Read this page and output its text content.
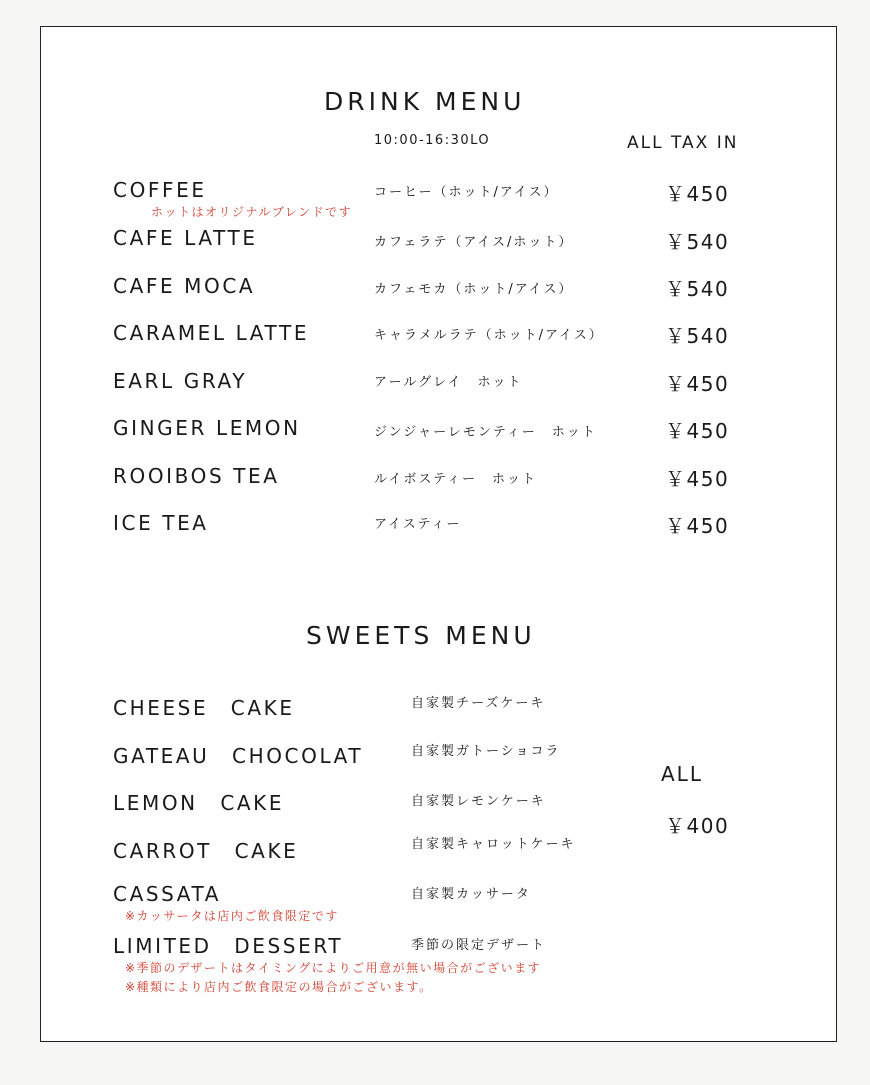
DRINK MENU
10:00-16:30LO	ALL TAX IN
COFFEE	コーヒー（ホット/アイス）	￥450
ホットはオリジナルブレンドです
CAFE LATTE	カフェラテ（アイス/ホット）	￥540
CAFE MOCA	カフェモカ（ホット/アイス）	￥540
CARAMEL LATTE	キャラメルラテ（ホット/アイス）	￥540
EARL GRAY	アールグレイ　ホット	￥450
GINGER LEMON	ジンジャーレモンティー　ホット	￥450
ROOIBOS TEA	ルイボスティー　ホット	￥450
ICE TEA	アイスティー	￥450
SWEETS MENU
CHEESE　CAKE	自家製チーズケーキ
GATEAU　CHOCOLAT	自家製ガトーショコラ
LEMON　CAKE	自家製レモンケーキ
CARROT　CAKE	自家製キャロットケーキ
CASSATA	自家製カッサータ
※カッサータは店内ご飲食限定です
LIMITED　DESSERT	季節の限定デザート
ALL
￥400
※季節のデザートはタイミングによりご用意が無い場合がございます
※種類により店内ご飲食限定の場合がございます。
